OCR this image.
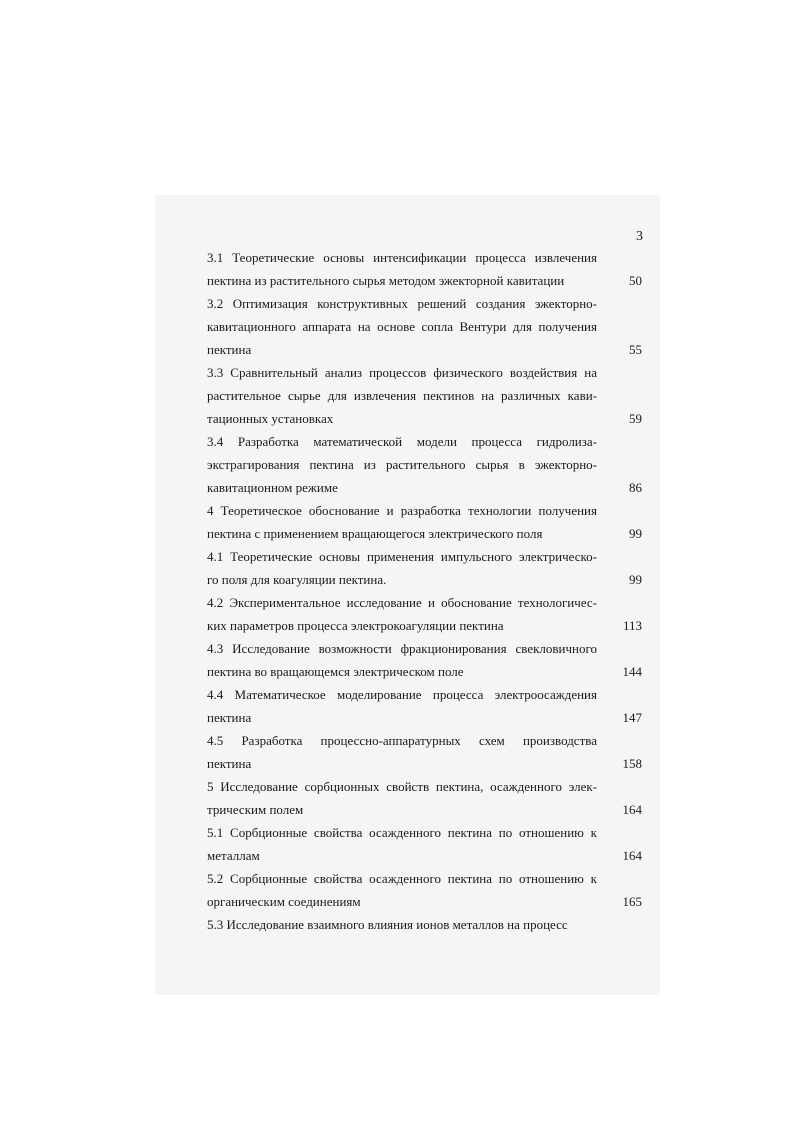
3
3.1 Теоретические основы интенсификации процесса извлечения
пектина из растительного сырья методом эжекторной кавитации	50
3.2 Оптимизация конструктивных решений создания эжекторно-
кавитационного аппарата на основе сопла Вентури для получения
пектина	55
3.3 Сравнительный анализ процессов физического воздействия на
растительное сырье для извлечения пектинов на различных кави-
тационных установках	59
3.4 Разработка математической модели процесса гидролиза-
экстрагирования пектина из растительного сырья в эжекторно-
кавитационном режиме	86
4 Теоретическое обоснование и разработка технологии получения
пектина с применением вращающегося электрического поля	99
4.1 Теоретические основы применения импульсного электрическо-
го поля для коагуляции пектина.	99
4.2 Экспериментальное исследование и обоснование технологичес-
ких параметров процесса электрокоагуляции пектина	113
4.3 Исследование возможности фракционирования свекловичного
пектина во вращающемся электрическом поле	144
4.4 Математическое моделирование процесса электроосаждения
пектина	147
4.5 Разработка процессно-аппаратурных схем производства
пектина	158
5 Исследование сорбционных свойств пектина, осажденного элек-
трическим полем	164
5.1 Сорбционные свойства осажденного пектина по отношению к
металлам	164
5.2 Сорбционные свойства осажденного пектина по отношению к
органическим соединениям	165
5.3 Исследование взаимного влияния ионов металлов на процесс
